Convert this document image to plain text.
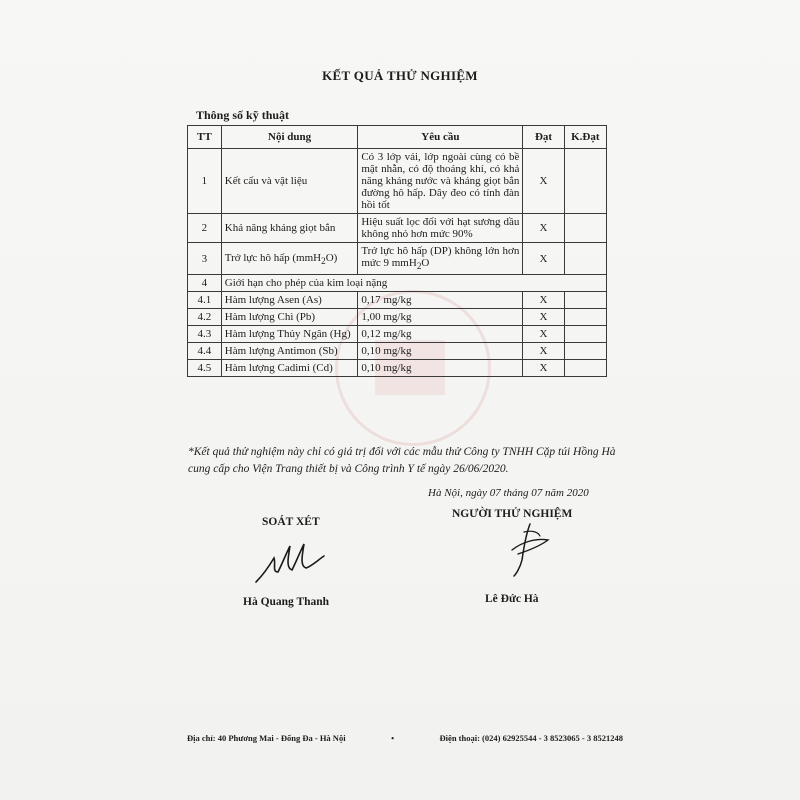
KẾT QUẢ THỬ NGHIỆM
Thông số kỹ thuật
TT	Nội dung	Yêu cầu	Đạt	K.Đạt
1	Kết cấu và vật liệu	Có 3 lớp vải, lớp ngoài cùng có bề mặt nhẵn, có độ thoáng khí, có khả năng kháng nước và kháng giọt bắn đường hô hấp. Dây đeo có tính đàn hồi tốt	X	
2	Khả năng kháng giọt bắn	Hiệu suất lọc đối với hạt sương dầu không nhỏ hơn mức 90%	X	
3	Trở lực hô hấp (mmH$_2$O)	Trở lực hô hấp (DP) không lớn hơn mức 9 mmH$_2$O	X	
4	Giới hạn cho phép của kim loại nặng			
4.1	Hàm lượng Asen (As)	0,17 mg/kg	X	
4.2	Hàm lượng Chì (Pb)	1,00 mg/kg	X	
4.3	Hàm lượng Thủy Ngân (Hg)	0,12 mg/kg	X	
4.4	Hàm lượng Antimon (Sb)	0,10 mg/kg	X	
4.5	Hàm lượng Cadimi (Cd)	0,10 mg/kg	X	
*Kết quả thử nghiệm này chỉ có giá trị đối với các mẫu thử Công ty TNHH Cặp túi Hồng Hà cung cấp cho Viện Trang thiết bị và Công trình Y tế ngày 26/06/2020.
Hà Nội, ngày 07 tháng 07 năm 2020
SOÁT XÉT
NGƯỜI THỬ NGHIỆM
Hà Quang Thanh	Lê Đức Hà
Địa chỉ: 40 Phương Mai - Đống Đa - Hà Nội	•	Điện thoại: (024) 62925544 - 3 8523065 - 3 8521248
